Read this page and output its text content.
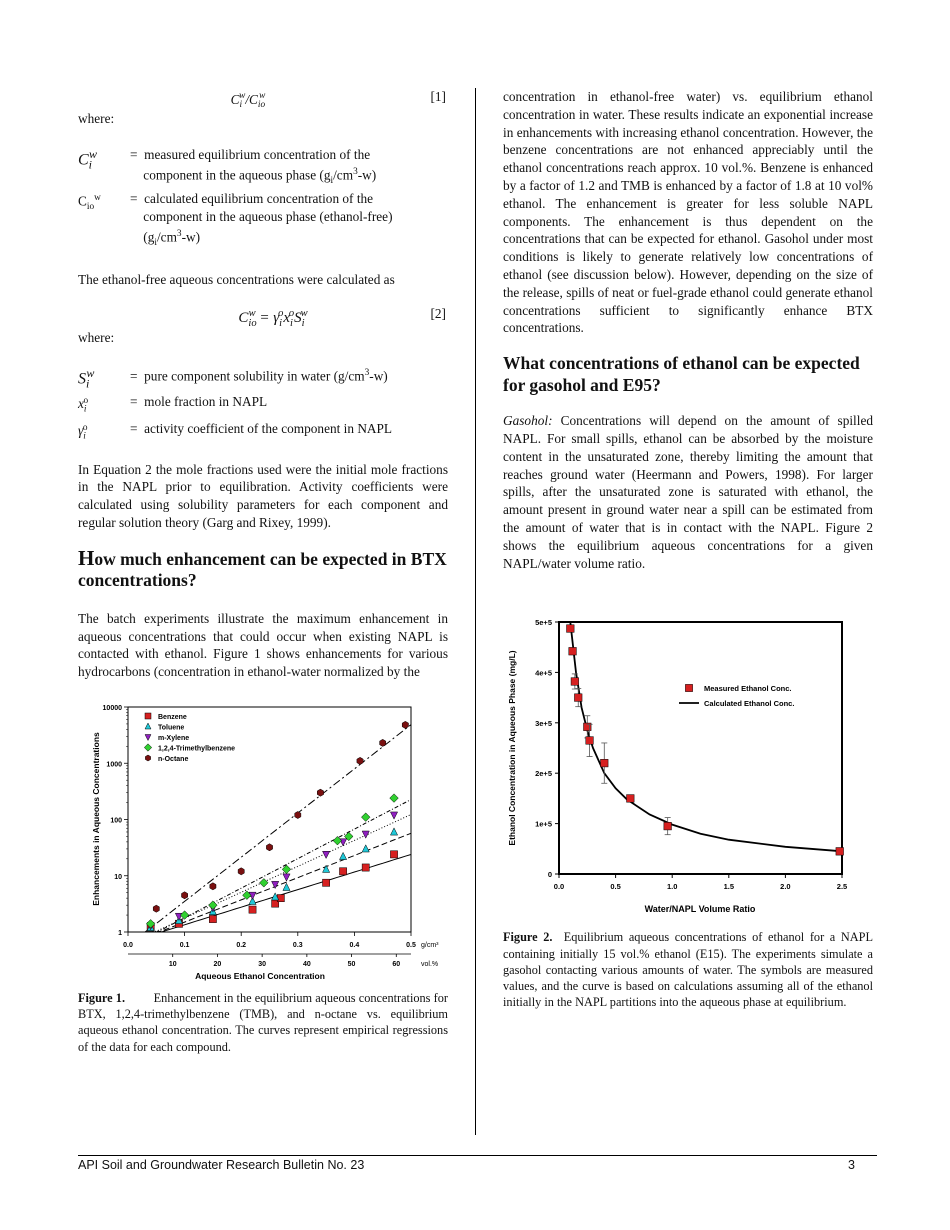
$C_i^w/C_{io}^w$	[1]

where:

$C_i^w$	=  measured equilibrium concentration of the
component in the aqueous phase $(g_i/cm^3-w)$
$C_{io}^w$	=  calculated equilibrium concentration of the
component in the aqueous phase (ethanol-free)
$(g_i/cm^3-w)$

The ethanol-free aqueous concentrations were calculated as

$C_{io}^w = \gamma_i^ox_i^oS_i^w$	[2]

where:

$S_i^w$	=  pure component solubility in water $(g/cm^3-w)$
$x_i^o$	=  mole fraction in NAPL
$\gamma_i^o$	=  activity coefficient of the component in NAPL

In Equation 2 the mole fractions used were the initial mole fractions in the NAPL prior to equilibration. Activity coefficients were calculated using solubility parameters for each component and regular solution theory (Garg and Rixey, 1999).

How much enhancement can be expected in BTX concentrations?

The batch experiments illustrate the maximum enhancement in aqueous concentrations that could occur when existing NAPL is contacted with ethanol. Figure 1 shows enhancements for various hydrocarbons (concentration in ethanol-water normalized by the

1
10
100
1000
10000
0.0	0.1	0.2	0.3	0.4	0.5 g/cm³
10	20	30	40	50	60	vol.%
Benzene
Toluene
m-Xylene
1,2,4-Trimethylbenzene
n-Octane
Enhancements in Aqueous Concentrations
Aqueous Ethanol Concentration

Figure 1. Enhancement in the equilibrium aqueous concentrations for BTX, 1,2,4-trimethylbenzene (TMB), and n-octane vs. equilibrium aqueous ethanol concentration. The curves represent empirical regressions of the data for each compound.

concentration in ethanol-free water) vs. equilibrium ethanol concentration in water. These results indicate an exponential increase in enhancements with increasing ethanol concentration. However, the benzene concentrations are not enhanced appreciably until the ethanol concentrations reach approx. 10 vol.%. Benzene is enhanced by a factor of 1.2 and TMB is enhanced by a factor of 1.8 at 10 vol% ethanol. The enhancement is greater for less soluble NAPL components. The enhancement is thus dependent on the concentrations that can be expected for ethanol. Gasohol under most conditions is likely to generate relatively low concentrations of ethanol (see discussion below). However, depending on the size of the release, spills of neat or fuel-grade ethanol could generate ethanol concentrations sufficient to significantly enhance BTX concentrations.

What concentrations of ethanol can be expected for gasohol and E95?

Gasohol: Concentrations will depend on the amount of spilled NAPL. For small spills, ethanol can be absorbed by the moisture content in the unsaturated zone, thereby limiting the amount that reaches ground water (Heermann and Powers, 1998). For larger spills, after the unsaturated zone is saturated with ethanol, the amount present in ground water near a spill can be estimated from the amount of water that is in contact with the NAPL. Figure 2 shows the equilibrium aqueous concentrations for a given NAPL/water volume ratio.

0
1e+5
2e+5
3e+5
4e+5
5e+5
0.0	0.5	1.0	1.5	2.0	2.5
Measured Ethanol Conc.
Calculated Ethanol Conc.
Ethanol Concentration in Aqueous Phase (mg/L)
Water/NAPL Volume Ratio

Figure 2. Equilibrium aqueous concentrations of ethanol for a NAPL containing initially 15 vol.% ethanol (E15). The experiments simulate a gasohol contacting various amounts of water. The symbols are measured values, and the curve is based on calculations assuming all of the ethanol initially in the NAPL partitions into the aqueous phase at equilibrium.

API Soil and Groundwater Research Bulletin No. 23	3
